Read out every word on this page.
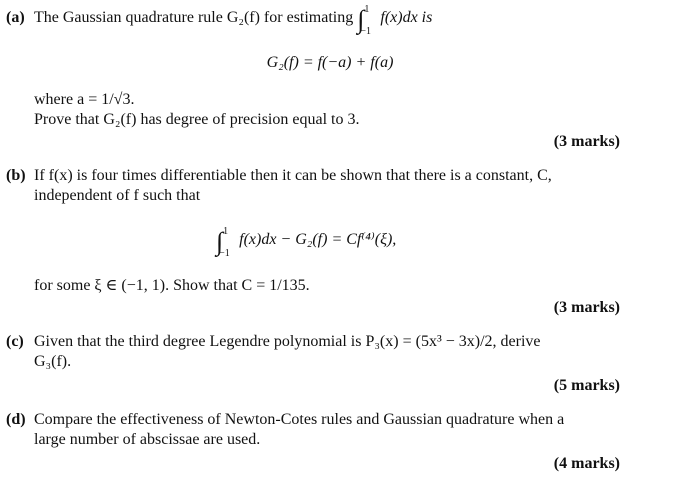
(a) The Gaussian quadrature rule G₂(f) for estimating ∫ 1
−1
f(x)dx is
G₂(f) = f(−a) + f(a)
where a = 1/√3.
Prove that G₂(f) has degree of precision equal to 3.
(3 marks)
(b) If f(x) is four times differentiable then it can be shown that there is a constant, C,
independent of f such that
∫ 1
−1
f(x)dx − G₂(f) = Cf⁽⁴⁾(ξ),
for some ξ ∈ (−1, 1). Show that C = 1/135.
(3 marks)
(c) Given that the third degree Legendre polynomial is P₃(x) = (5x³ − 3x)/2, derive
G₃(f).
(5 marks)
(d) Compare the effectiveness of Newton-Cotes rules and Gaussian quadrature when a
large number of abscissae are used.
(4 marks)
